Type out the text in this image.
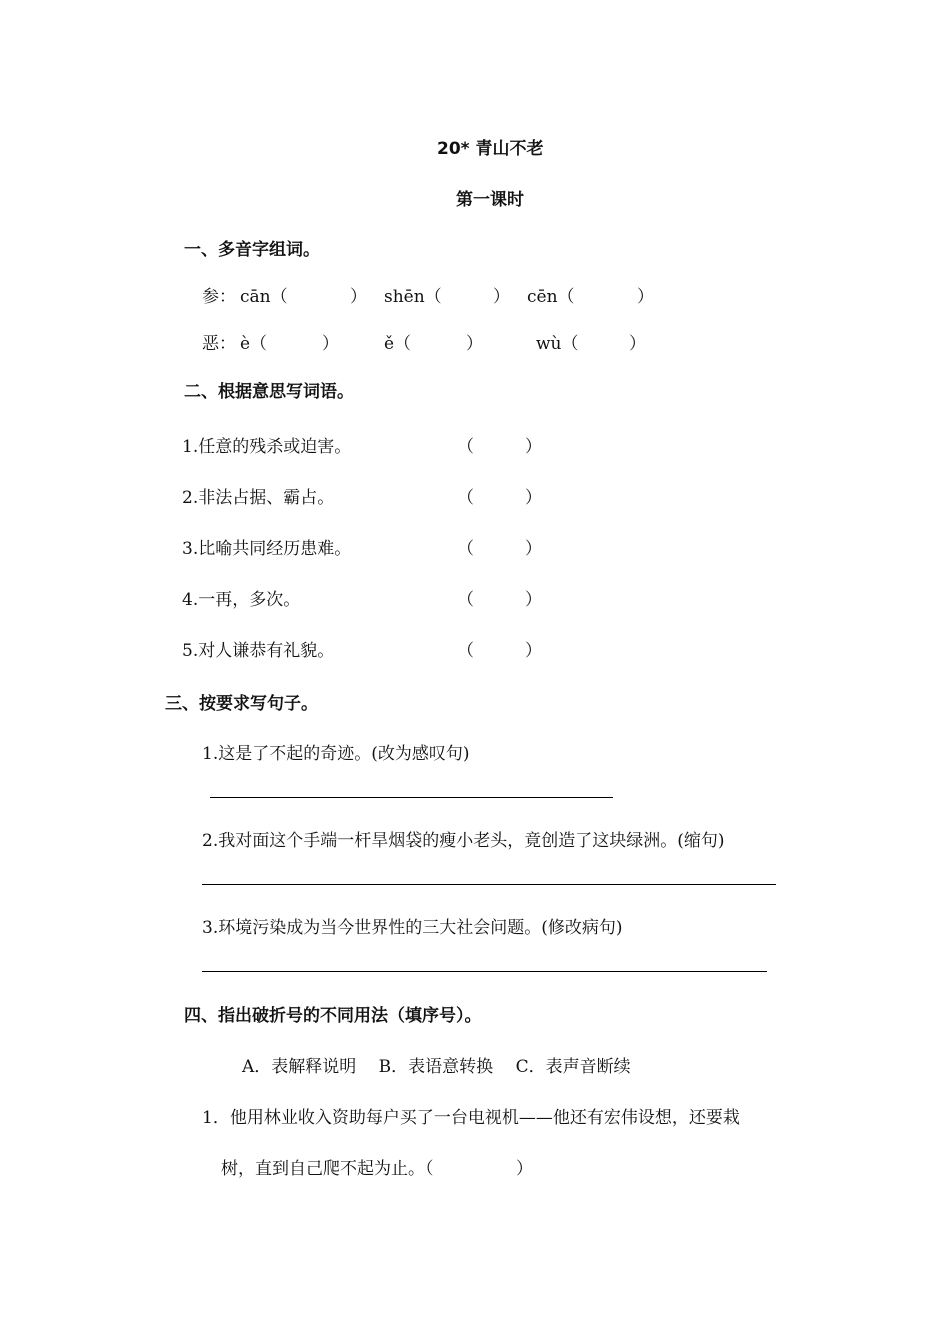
20* 青山不老
第一课时
一、多音字组词。
参： cān（	） shēn（	） cēn（	）
恶： è（	）	ě（	）	wù（	）
二、根据意思写词语。
1.任意的残杀或迫害。	（	）
2.非法占据、霸占。	（	）
3.比喻共同经历患难。	（	）
4.一再，多次。	（	）
5.对人谦恭有礼貌。	（	）
三、按要求写句子。
1.这是了不起的奇迹。(改为感叹句)
2.我对面这个手端一杆旱烟袋的瘦小老头，竟创造了这块绿洲。(缩句)
3.环境污染成为当今世界性的三大社会问题。(修改病句)
四、指出破折号的不同用法（填序号）。
A．表解释说明　 B．表语意转换　 C．表声音断续
1．他用林业收入资助每户买了一台电视机——他还有宏伟设想，还要栽
树，直到自己爬不起为止。（	）
